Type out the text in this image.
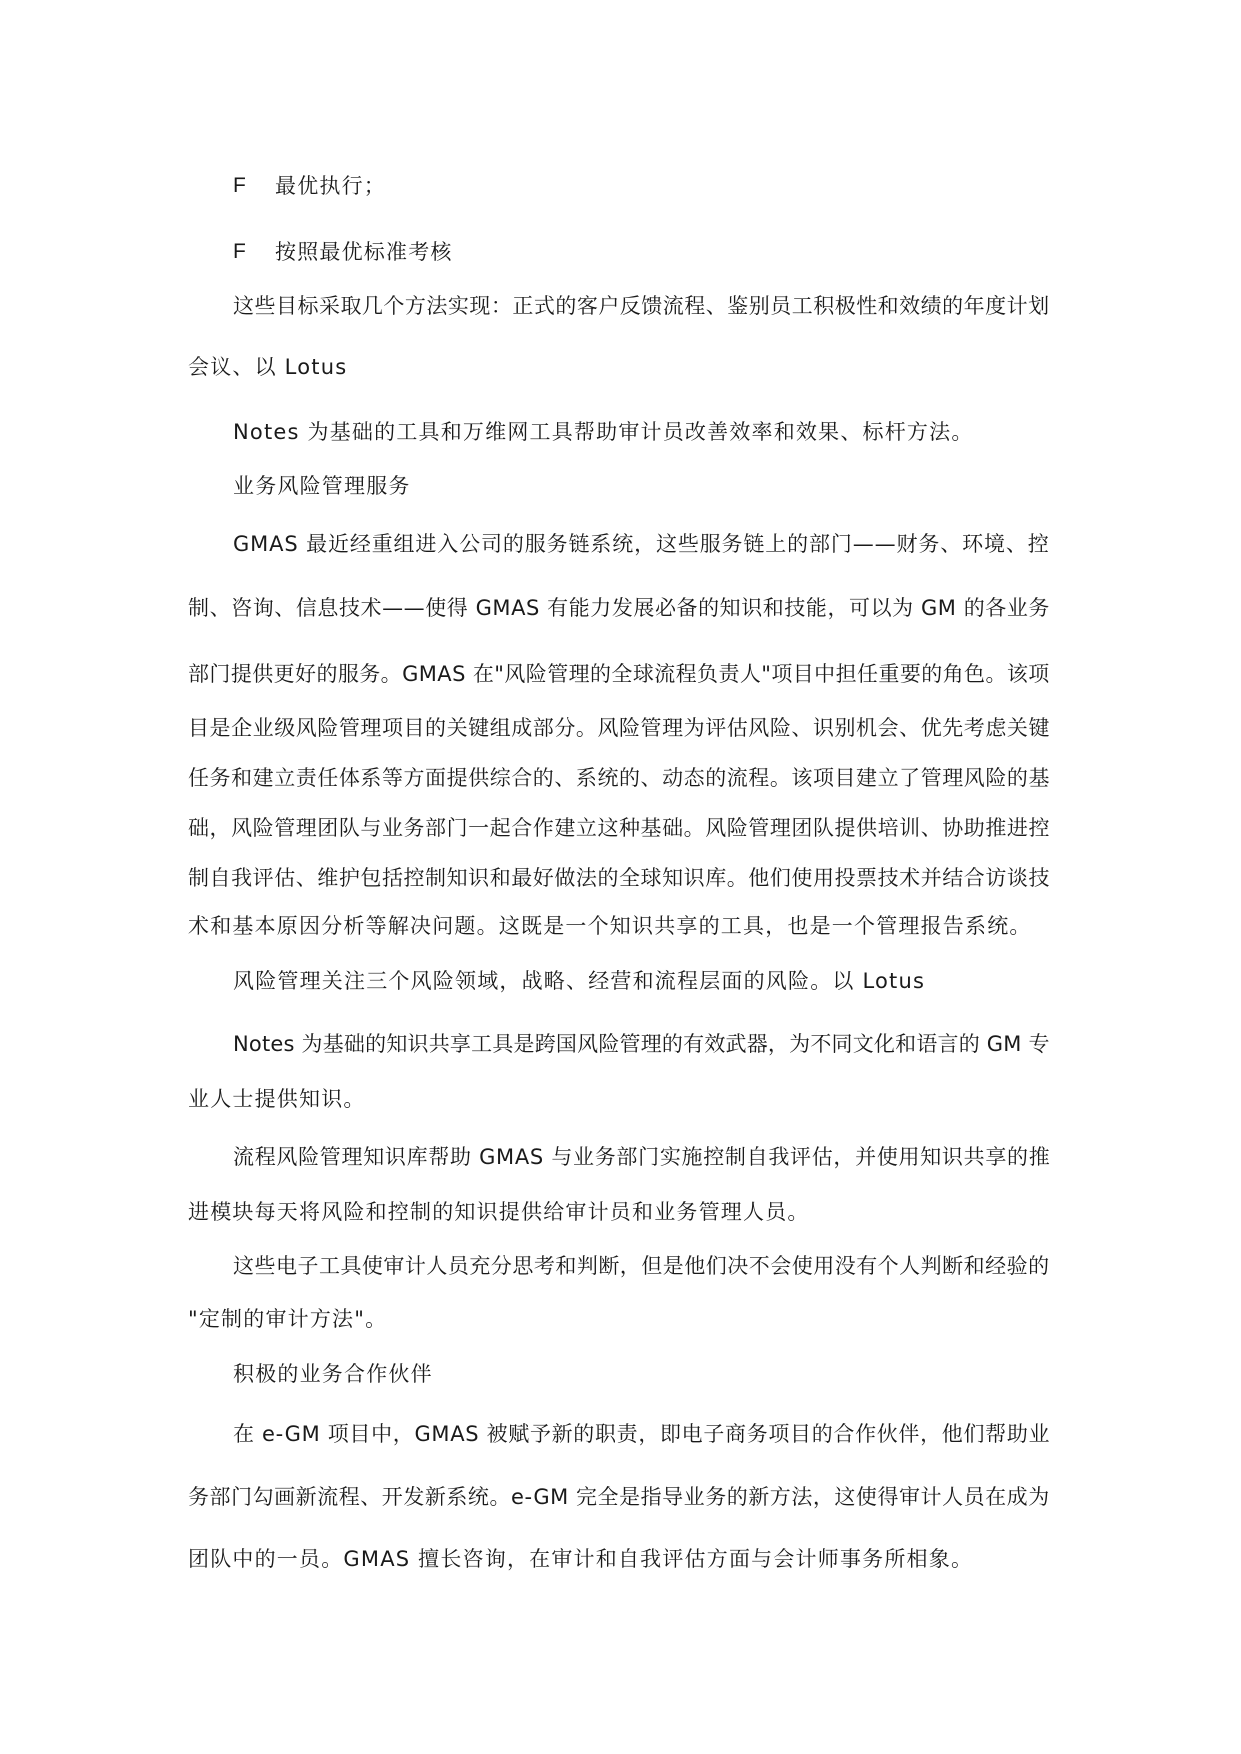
F 最优执行；
F 按照最优标准考核
这些目标采取几个方法实现：正式的客户反馈流程、鉴别员工积极性和效绩的年度计划
会议、以 Lotus
Notes 为基础的工具和万维网工具帮助审计员改善效率和效果、标杆方法。
业务风险管理服务
GMAS 最近经重组进入公司的服务链系统，这些服务链上的部门——财务、环境、控
制、咨询、信息技术——使得 GMAS 有能力发展必备的知识和技能，可以为 GM 的各业务
部门提供更好的服务。GMAS 在"风险管理的全球流程负责人"项目中担任重要的角色。该项
目是企业级风险管理项目的关键组成部分。风险管理为评估风险、识别机会、优先考虑关键
任务和建立责任体系等方面提供综合的、系统的、动态的流程。该项目建立了管理风险的基
础，风险管理团队与业务部门一起合作建立这种基础。风险管理团队提供培训、协助推进控
制自我评估、维护包括控制知识和最好做法的全球知识库。他们使用投票技术并结合访谈技
术和基本原因分析等解决问题。这既是一个知识共享的工具，也是一个管理报告系统。
风险管理关注三个风险领域，战略、经营和流程层面的风险。以 Lotus
Notes 为基础的知识共享工具是跨国风险管理的有效武器，为不同文化和语言的 GM 专
业人士提供知识。
流程风险管理知识库帮助 GMAS 与业务部门实施控制自我评估，并使用知识共享的推
进模块每天将风险和控制的知识提供给审计员和业务管理人员。
这些电子工具使审计人员充分思考和判断，但是他们决不会使用没有个人判断和经验的
"定制的审计方法"。
积极的业务合作伙伴
在 e-GM 项目中，GMAS 被赋予新的职责，即电子商务项目的合作伙伴，他们帮助业
务部门勾画新流程、开发新系统。e-GM 完全是指导业务的新方法，这使得审计人员在成为
团队中的一员。GMAS 擅长咨询，在审计和自我评估方面与会计师事务所相象。
